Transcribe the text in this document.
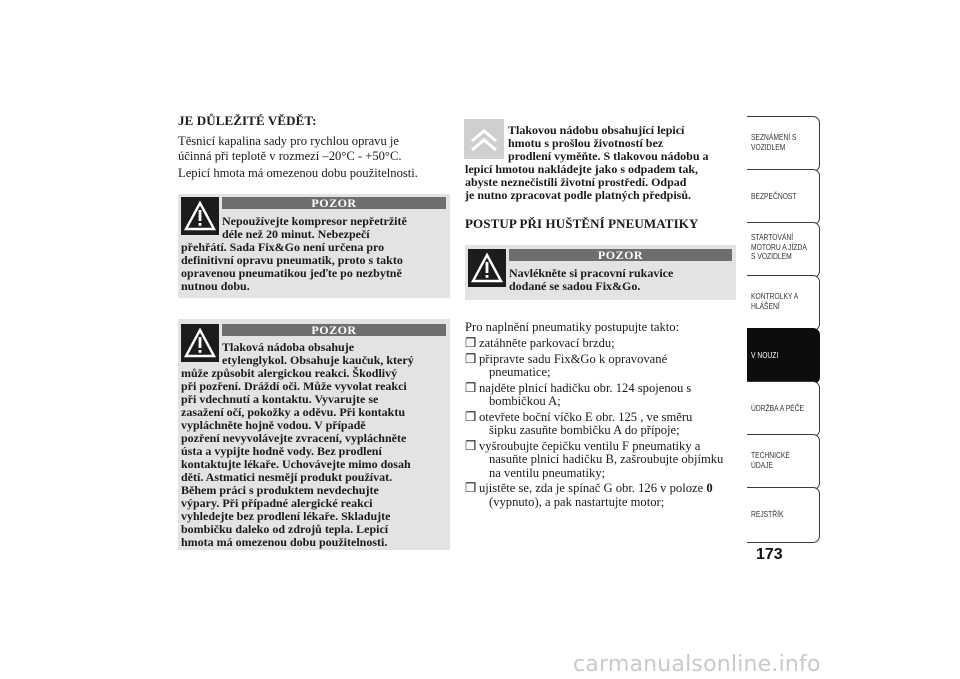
JE DŮLEŽITÉ VĚDĚT:
Těsnicí kapalina sady pro rychlou opravu je
účinná při teplotě v rozmezí –20°C - +50°C.
Lepicí hmota má omezenou dobu použitelnosti.
POZOR
Nepoužívejte kompresor nepřetržitě
déle než 20 minut. Nebezpečí
přehřátí. Sada Fix&Go není určena pro
definitivní opravu pneumatik, proto s takto
opravenou pneumatikou jeďte po nezbytně
nutnou dobu.
POZOR
Tlaková nádoba obsahuje
etylenglykol. Obsahuje kaučuk, který
může způsobit alergickou reakci. Škodlivý
při pozření. Dráždí oči. Může vyvolat reakci
při vdechnutí a kontaktu. Vyvarujte se
zasažení očí, pokožky a oděvu. Při kontaktu
vypláchněte hojně vodou. V případě
pozření nevyvolávejte zvracení, vypláchněte
ústa a vypijte hodně vody. Bez prodlení
kontaktujte lékaře. Uchovávejte mimo dosah
dětí. Astmatici nesmějí produkt používat.
Během práci s produktem nevdechujte
výpary. Při případné alergické reakci
vyhledejte bez prodlení lékaře. Skladujte
bombičku daleko od zdrojů tepla. Lepicí
hmota má omezenou dobu použitelnosti.
Tlakovou nádobu obsahující lepicí
hmotu s prošlou životností bez
prodlení vyměňte. S tlakovou nádobu a
lepicí hmotou nakládejte jako s odpadem tak,
abyste neznečistili životní prostředí. Odpad
je nutno zpracovat podle platných předpisů.
POSTUP PŘI HUŠTĚNÍ PNEUMATIKY
POZOR
Navlékněte si pracovní rukavice
dodané se sadou Fix&Go.
Pro naplnění pneumatiky postupujte takto:
❒ zatáhněte parkovací brzdu;
❒ připravte sadu Fix&Go k opravované
pneumatice;
❒ najděte plnicí hadičku obr. 124 spojenou s
bombičkou A;
❒ otevřete boční víčko E obr. 125 , ve směru
šipku zasuňte bombičku A do přípoje;
❒ vyšroubujte čepičku ventilu F pneumatiky a
nasuňte plnicí hadičku B, zašroubujte objímku
na ventilu pneumatiky;
❒ ujistěte se, zda je spínač G obr. 126 v poloze 0
(vypnuto), a pak nastartujte motor;
SEZNÁMENÍ S
VOZIDLEM
BEZPEČNOST
STARTOVÁNÍ
MOTORU A JÍZDA
S VOZIDLEM
KONTROLKY A
HLÁŠENÍ
V NOUZI
ÚDRŽBA A PÉČE
TECHNICKÉ
ÚDAJE
REJSTŘÍK
173
carmanualsonline.info
